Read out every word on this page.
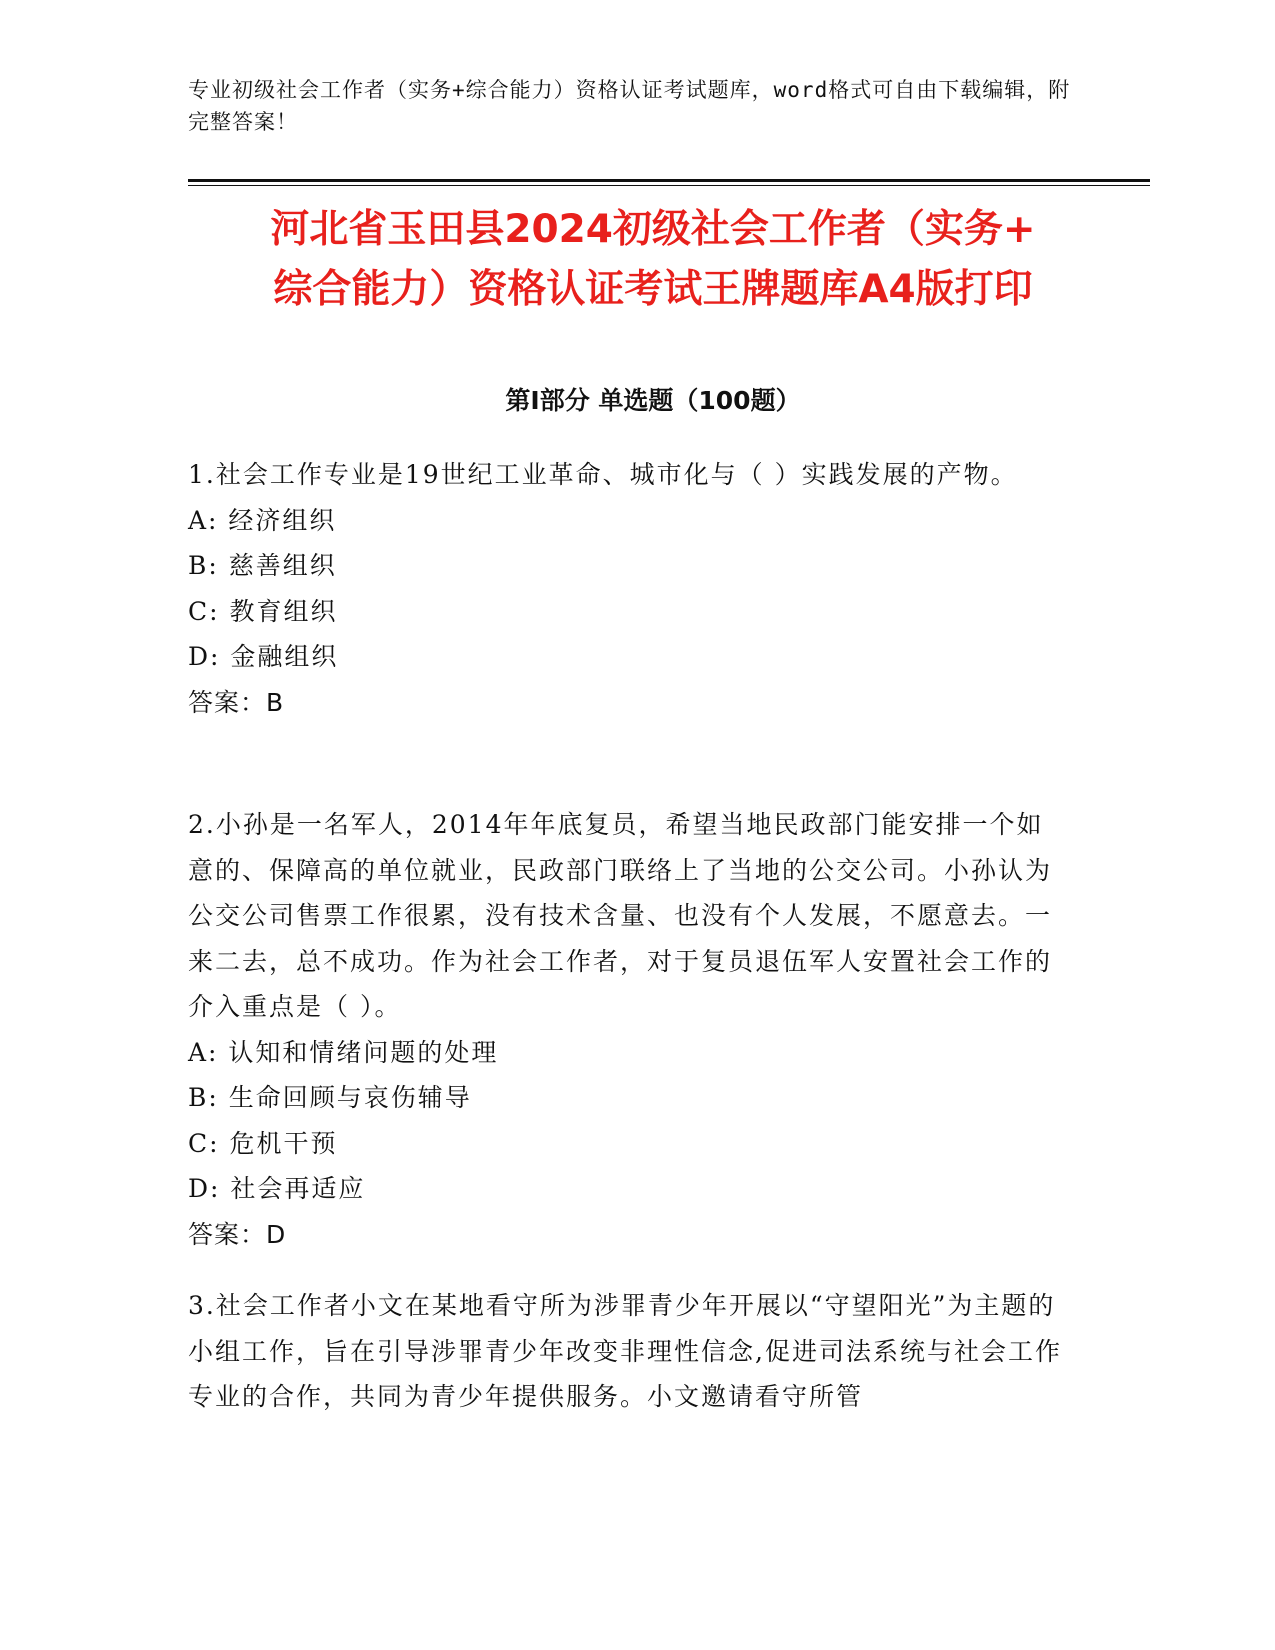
专业初级社会工作者（实务+综合能力）资格认证考试题库，word格式可自由下载编辑，附完整答案！
河北省玉田县2024初级社会工作者（实务+
综合能力）资格认证考试王牌题库A4版打印
第Ⅰ部分 单选题（100题）
1.社会工作专业是19世纪工业革命、城市化与（ ）实践发展的产物。
A: 经济组织
B: 慈善组织
C: 教育组织
D: 金融组织
答案：B
2.小孙是一名军人，2014年年底复员，希望当地民政部门能安排一个如意的、保障高的单位就业，民政部门联络上了当地的公交公司。小孙认为公交公司售票工作很累，没有技术含量、也没有个人发展，不愿意去。一来二去，总不成功。作为社会工作者，对于复员退伍军人安置社会工作的介入重点是（ ）。
A: 认知和情绪问题的处理
B: 生命回顾与哀伤辅导
C: 危机干预
D: 社会再适应
答案：D
3.社会工作者小文在某地看守所为涉罪青少年开展以“守望阳光”为主题的小组工作，旨在引导涉罪青少年改变非理性信念,促进司法系统与社会工作专业的合作，共同为青少年提供服务。小文邀请看守所管
